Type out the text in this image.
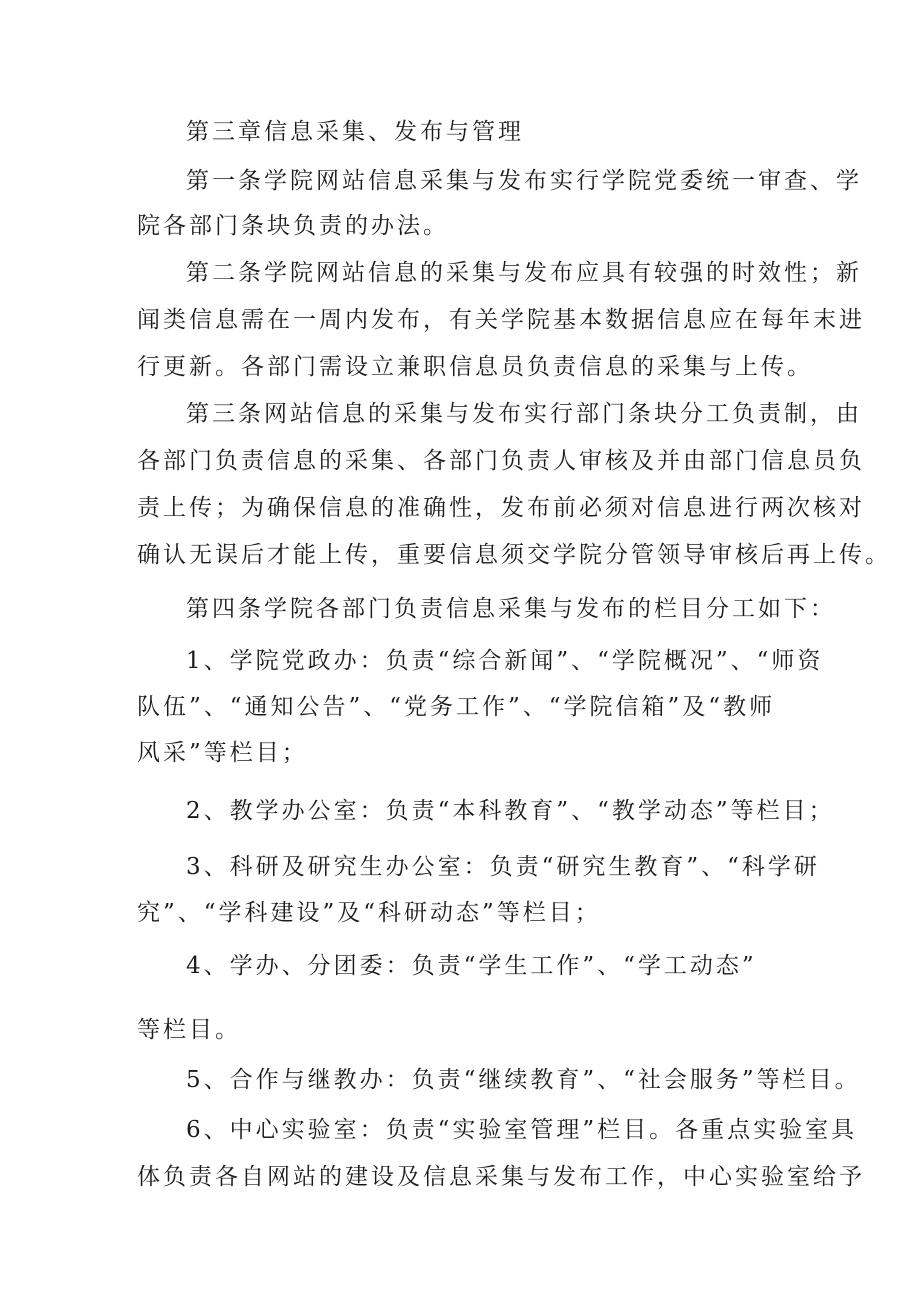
第三章信息采集、发布与管理
第一条学院网站信息采集与发布实行学院党委统一审查、学
院各部门条块负责的办法。
第二条学院网站信息的采集与发布应具有较强的时效性；新
闻类信息需在一周内发布，有关学院基本数据信息应在每年末进
行更新。各部门需设立兼职信息员负责信息的采集与上传。
第三条网站信息的采集与发布实行部门条块分工负责制，由
各部门负责信息的采集、各部门负责人审核及并由部门信息员负
责上传；为确保信息的准确性，发布前必须对信息进行两次核对
确认无误后才能上传，重要信息须交学院分管领导审核后再上传。
第四条学院各部门负责信息采集与发布的栏目分工如下：
1、学院党政办：负责“综合新闻”、“学院概况”、“师资
队伍”、“通知公告”、“党务工作”、“学院信箱”及“教师
风采”等栏目；
2、教学办公室：负责“本科教育”、“教学动态”等栏目；
3、科研及研究生办公室：负责“研究生教育”、“科学研
究”、“学科建设”及“科研动态”等栏目；
4、学办、分团委：负责“学生工作”、“学工动态”
等栏目。
5、合作与继教办：负责“继续教育”、“社会服务”等栏目。
6、中心实验室：负责“实验室管理”栏目。各重点实验室具
体负责各自网站的建设及信息采集与发布工作，中心实验室给予
